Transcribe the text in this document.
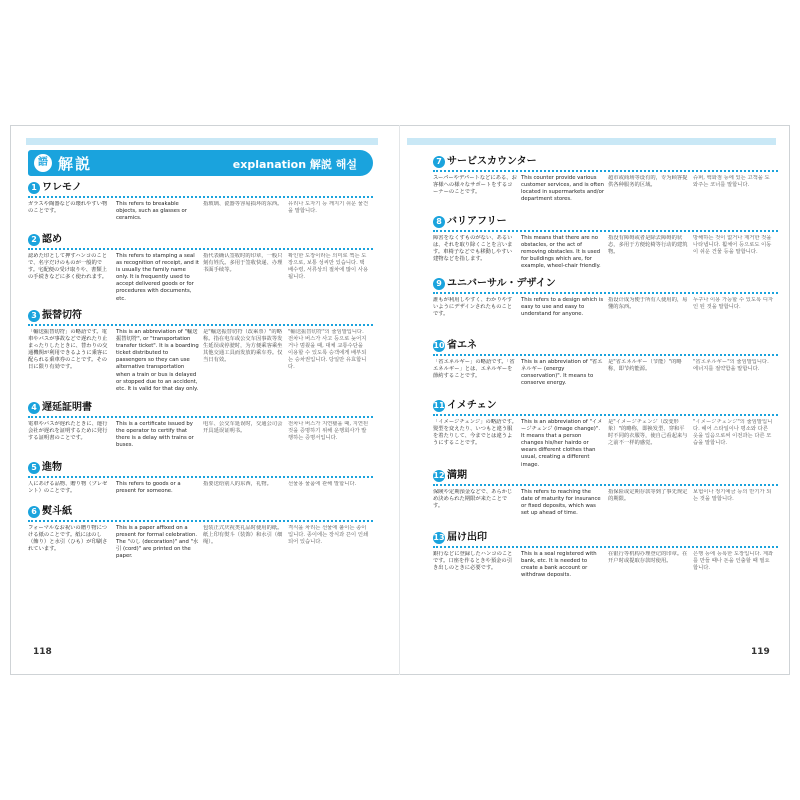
語 解説	explanation 解説 해설
1 ワレモノ
ガラスや陶器などの壊れやすい物のことです。
This refers to breakable objects, such as glasses or ceramics.
指玻璃、瓷器等容易损坏的东西。	유리나 도자기 등 깨지기 쉬운 물건을 말합니다.
2 認め
認めた印として押すハンコのことで、名字だけのものが一般的です。宅配便の受け取りや、書類上の手続きなどに多く使われます。
This refers to stamping a seal as recognition of receipt, and it is usually the family name only. It is frequently used to accept delivered goods or for procedures with documents, etc.
指代表确认签收时的印章，一般只刻有姓氏。多用于签收快递、办理书面手续等。
확인한 도장이라는 의미로 찍는 도장으로, 보통 성씨만 있습니다. 택배수령, 서류상의 절차에 많이 사용됩니다.
3 振替切符
「輸送振替切符」の略語です。電車やバスが事故などで遅れたり止まったりしたときに、替わりの交通機関が利用できるように乗客に配られる乗車券のことです。その日に限り有効です。
This is an abbreviation of "輸送振替切符", or "transportation transfer ticket". It is a boarding ticket distributed to passengers so they can use alternative transportation when a train or bus is delayed or stopped due to an accident, etc. It is valid for that day only.
是"輸送振替切符（改乘票）"的略称。指在电车或公交车因事故等发生延误或停驶时，为方便乘客乘坐其他交通工具而发放的乘车券。仅当日有效。
"輸送振替切符"의 줄임말입니다. 전차나 버스가 사고 등으로 늦어지거나 멈췄을 때, 대체 교통수단을 이용할 수 있도록 승객에게 배부되는 승차권입니다. 당일만 유효합니다.
4 遅延証明書
電車やバスが遅れたときに、運行会社が遅れを証明するために発行する証明書のことです。
This is a certificate issued by the operator to certify that there is a delay with trains or buses.
电车、公交车延误时，交通公司会开具延误证明书。
전차나 버스가 지연됐을 때, 지연된 것을 증명하기 위해 운행회사가 발행하는 증명서입니다.
5 進物
人にあげる品物、贈り物（プレゼント）のことです。
This refers to goods or a present for someone.
指要送给别人的东西，礼物。	선물용 물품에 관해 말합니다.
6 熨斗紙
フォーマルなお祝いの贈り物につける紙のことです。紙にはのし（飾り）と水引（ひも）が印刷されています。
This is a paper affixed on a present for formal celebration. The "のし (decoration)" and "水引 (cord)" are printed on the paper.
包装正式庆祝类礼品时使用的纸。纸上印有熨斗（装饰）和水引（细绳）。
격식을 차리는 선물에 붙이는 종이입니다. 종이에는 장식과 끈이 인쇄되어 있습니다.
7 サービスカウンター
スーパーやデパートなどにある、お客様への様々なサポートをするコーナーのことです。
This counter provide various customer services, and is often located in supermarkets and/or department stores.
超市或商场等设有的，专为顾客提供各种服务的区域。
슈퍼, 백화점 등에 있는 고객을 도와주는 코너를 말합니다.
8 バリアフリー
障害をなくすものがない、あるいは、それを取り除くことを言います。車椅子などでも移動しやすい建物などを指します。
This means that there are no obstacles, or the act of removing obstacles. It is used for buildings which are, for example, wheel-chair friendly.
指没有障碍或者是除去障碍的状态，多用于方便轮椅等行动的建筑物。
방해하는 것이 없거나 제거한 것을 나타냅니다. 휠체어 등으로도 이동이 쉬운 건물 등을 말합니다.
9 ユニバーサル・デザイン
誰もが利用しやすく、わかりやすいようにデザインされたものことです。
This refers to a design which is easy to use and easy to understand for anyone.
指设计成为便于所有人使用的，易懂的东西。
누구나 이용 가능할 수 있도록 디자인 된 것을 말합니다.
10 省エネ
「省エネルギー」の略語です。「省エネルギー」とは、エネルギーを節約することです。
This is an abbreviation of "省エネルギー (energy conservation)". It means to conserve energy.
是"省エネルギー（节能）"的略称，即节约能源。
"省エネルギー"의 줄임말입니다. 에너지를 절약함을 말합니다.
11 イメチェン
「イメージチェンジ」の略語です。髪型を変えたり、いつもと違う服を着たりして、今までとは違うようにすることです。
This is an abbreviation of "イメージチェンジ (image change)". It means that a person changes his/her hairdo or wears different clothes than usual, creating a different image.
是"イメージチェンジ（改变形象）"的略称，即换发型、穿和平时不同的衣服等，使自己看起来与之前不一样的感觉。
"イメージチェンジ"의 줄임말입니다. 헤어 스타일이나 평소와 다른 옷을 입음으로써 이전과는 다른 모습을 말합니다.
12 満期
保険や定期預金などで、あらかじめ決められた期限が来たことです。
This refers to reaching the date of maturity for insurance or fixed deposits, which was set up ahead of time.
指保险或定期存款等到了事先规定的期限。
보험이나 정기예금 등의 만기가 되는 것을 말합니다.
13 届け出印
銀行などに登録したハンコのことです。口座を作るときや預金の引き出しのときに必要です。
This is a seal registered with bank, etc. It is needed to create a bank account or withdraw deposits.
在银行等机构办理登记的印章。在开户时或提取存款时使用。
은행 등에 등록한 도장입니다. 계좌를 만들 때나 돈을 인출할 때 필요합니다.
118	119
